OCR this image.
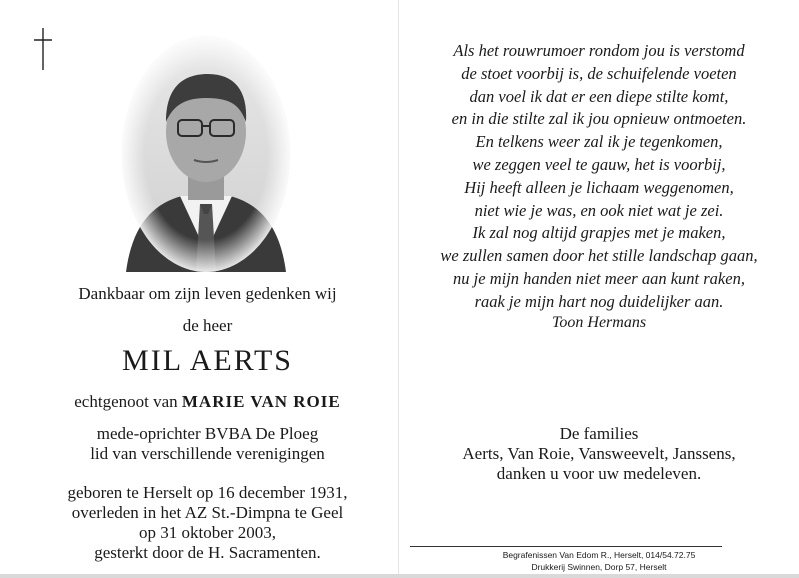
Dankbaar om zijn leven gedenken wij
de heer
MIL AERTS
echtgenoot van MARIE VAN ROIE
mede-oprichter BVBA De Ploeg
lid van verschillende verenigingen
geboren te Herselt op 16 december 1931,
overleden in het AZ St.-Dimpna te Geel
op 31 oktober 2003,
gesterkt door de H. Sacramenten.
Als het rouwrumoer rondom jou is verstomd
de stoet voorbij is, de schuifelende voeten
dan voel ik dat er een diepe stilte komt,
en in die stilte zal ik jou opnieuw ontmoeten.
En telkens weer zal ik je tegenkomen,
we zeggen veel te gauw, het is voorbij,
Hij heeft alleen je lichaam weggenomen,
niet wie je was, en ook niet wat je zei.
Ik zal nog altijd grapjes met je maken,
we zullen samen door het stille landschap gaan,
nu je mijn handen niet meer aan kunt raken,
raak je mijn hart nog duidelijker aan.
Toon Hermans
De families
Aerts, Van Roie, Vansweevelt, Janssens,
danken u voor uw medeleven.
Begrafenissen Van Edom R., Herselt, 014/54.72.75
Drukkerij Swinnen, Dorp 57, Herselt
